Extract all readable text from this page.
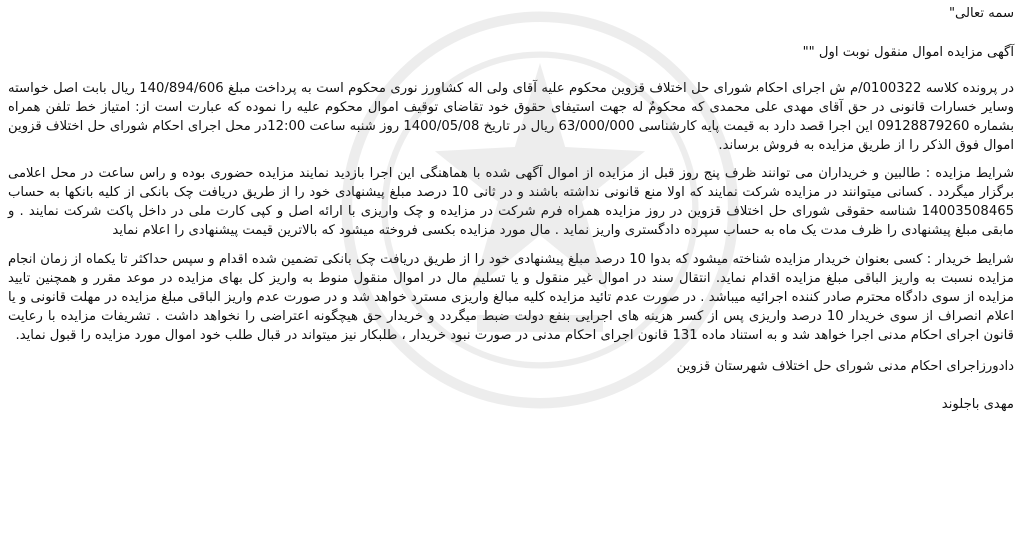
سمه تعالی"
آگهی مزایده اموال منقول نوبت اول ""

در پرونده کلاسه 0100322/م ش اجرای احکام شورای حل اختلاف قزوین محکوم علیه آقای ولی اله کشاورز نوری محکوم است به پرداخت مبلغ 140/894/606 ریال بابت اصل خواسته وسایر خسارات قانونی در حق آقای مهدی علی محمدی که محکومٌ له جهت استیفای حقوق خود تقاضای توقیف اموال محکوم علیه را نموده که عبارت است از: امتیاز خط تلفن همراه بشماره 09128879260 این اجرا قصد دارد به قیمت پایه کارشناسی 63/000/000 ریال در تاریخ 1400/05/08 روز شنبه ساعت 12:00در محل اجرای احکام شورای حل اختلاف قزوین اموال فوق الذکر را از طریق مزایده به فروش برساند.

شرایط مزایده : طالبین و خریداران می توانند ظرف پنج روز قبل از مزایده از اموال آگهی شده با هماهنگی این اجرا بازدید نمایند مزایده حضوری بوده و راس ساعت در محل اعلامی برگزار میگردد . کسانی میتوانند در مزایده شرکت نمایند که اولا منع قانونی نداشته باشند و در ثانی 10 درصد مبلغ پیشنهادی خود را از طریق دریافت چک بانکی از کلیه بانکها به حساب 14003508465 شناسه حقوقی شورای حل اختلاف قزوین در روز مزایده همراه فرم شرکت در مزایده و چک واریزی با ارائه اصل و کپی کارت ملی در داخل پاکت شرکت نمایند . و مابقی مبلغ پیشنهادی را ظرف مدت یک ماه به حساب سپرده دادگستری واریز نماید . مال مورد مزایده بکسی فروخته میشود که بالاترین قیمت پیشنهادی را اعلام نماید

شرایط خریدار : کسی بعنوان خریدار مزایده شناخته میشود که بدوا 10 درصد مبلغ پیشنهادی خود را از طریق دریافت چک بانکی تضمین شده اقدام و سپس حداکثر تا یکماه از زمان انجام مزایده نسبت به واریز الباقی مبلغ مزایده اقدام نماید. انتقال سند در اموال غیر منقول و یا تسلیم مال در اموال منقول منوط به واریز کل بهای مزایده در موعد مقرر و همچنین تایید مزایده از سوی دادگاه محترم صادر کننده اجرائیه میباشد . در صورت عدم تائید مزایده کلیه مبالغ واریزی مسترد خواهد شد و در صورت عدم واریز الباقی مبلغ مزایده در مهلت قانونی و یا اعلام انصراف از سوی خریدار 10 درصد واریزی پس از کسر هزینه های اجرایی بنفع دولت ضبط میگردد و خریدار حق هیچگونه اعتراضی را نخواهد داشت . تشریفات مزایده با رعایت قانون اجرای احکام مدنی اجرا خواهد شد و به استناد ماده 131 قانون اجرای احکام مدنی در صورت نبود خریدار ، طلبکار نیز میتواند در قبال طلب خود اموال مورد مزایده را قبول نماید.

دادورزاجرای احکام مدنی شورای حل اختلاف شهرستان قزوین
مهدی باجلوند
